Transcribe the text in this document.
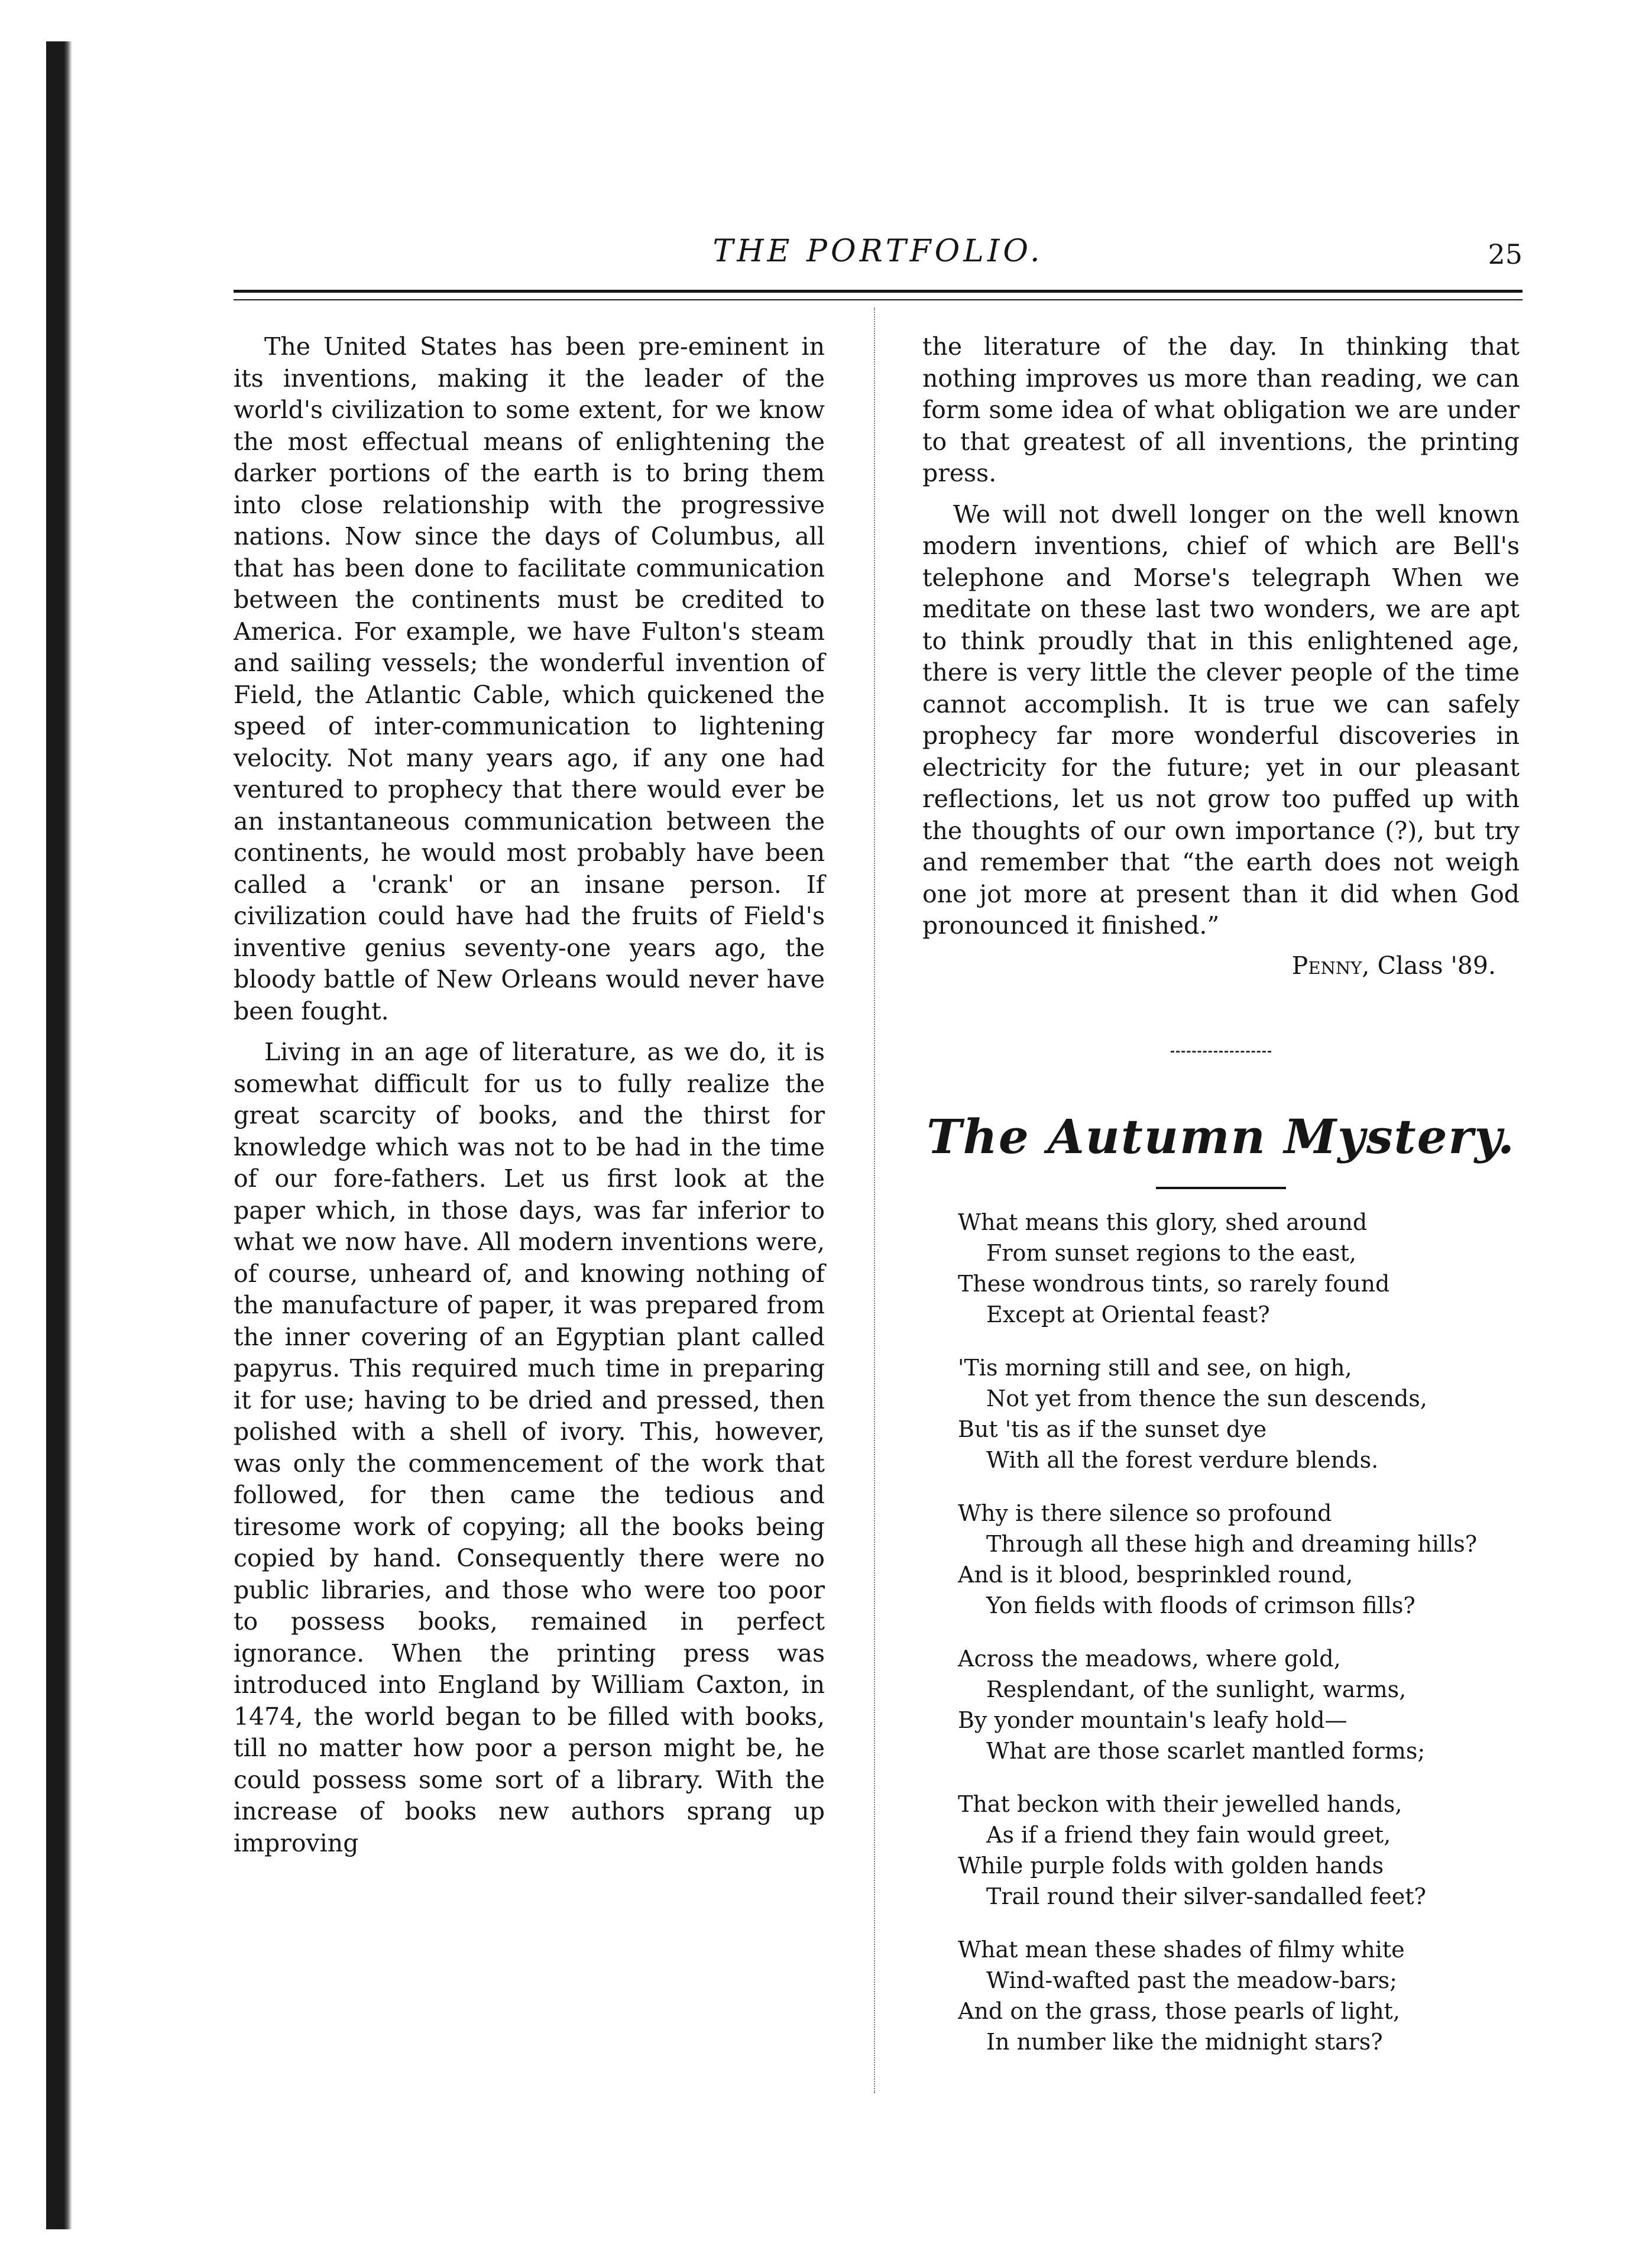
THE PORTFOLIO.	25

The United States has been pre-eminent in its inventions, making it the leader of the world's civilization to some extent, for we know the most effectual means of enlightening the darker portions of the earth is to bring them into close relationship with the progressive nations. Now since the days of Columbus, all that has been done to facilitate communication between the continents must be credited to America. For example, we have Fulton's steam and sailing vessels; the wonderful invention of Field, the Atlantic Cable, which quickened the speed of inter-communication to lightening velocity. Not many years ago, if any one had ventured to prophecy that there would ever be an instantaneous communication between the continents, he would most probably have been called a 'crank' or an insane person. If civilization could have had the fruits of Field's inventive genius seventy-one years ago, the bloody battle of New Orleans would never have been fought.

Living in an age of literature, as we do, it is somewhat difficult for us to fully realize the great scarcity of books, and the thirst for knowledge which was not to be had in the time of our fore-fathers. Let us first look at the paper which, in those days, was far inferior to what we now have. All modern inventions were, of course, unheard of, and knowing nothing of the manufacture of paper, it was prepared from the inner covering of an Egyptian plant called papyrus. This required much time in preparing it for use; having to be dried and pressed, then polished with a shell of ivory. This, however, was only the commencement of the work that followed, for then came the tedious and tiresome work of copying; all the books being copied by hand. Consequently there were no public libraries, and those who were too poor to possess books, remained in perfect ignorance. When the printing press was introduced into England by William Caxton, in 1474, the world began to be filled with books, till no matter how poor a person might be, he could possess some sort of a library. With the increase of books new authors sprang up improving

the literature of the day. In thinking that nothing improves us more than reading, we can form some idea of what obligation we are under to that greatest of all inventions, the printing press.

We will not dwell longer on the well known modern inventions, chief of which are Bell's telephone and Morse's telegraph When we meditate on these last two wonders, we are apt to think proudly that in this enlightened age, there is very little the clever people of the time cannot accomplish. It is true we can safely prophecy far more wonderful discoveries in electricity for the future; yet in our pleasant reflections, let us not grow too puffed up with the thoughts of our own importance (?), but try and remember that “the earth does not weigh one jot more at present than it did when God pronounced it finished.”

Penny, Class '89.
The Autumn Mystery.
What means this glory, shed around
From sunset regions to the east,
These wondrous tints, so rarely found
Except at Oriental feast?
'Tis morning still and see, on high,
Not yet from thence the sun descends,
But 'tis as if the sunset dye
With all the forest verdure blends.
Why is there silence so profound
Through all these high and dreaming hills?
And is it blood, besprinkled round,
Yon fields with floods of crimson fills?
Across the meadows, where gold,
Resplendant, of the sunlight, warms,
By yonder mountain's leafy hold—
What are those scarlet mantled forms;
That beckon with their jewelled hands,
As if a friend they fain would greet,
While purple folds with golden hands
Trail round their silver-sandalled feet?
What mean these shades of filmy white
Wind-wafted past the meadow-bars;
And on the grass, those pearls of light,
In number like the midnight stars?
